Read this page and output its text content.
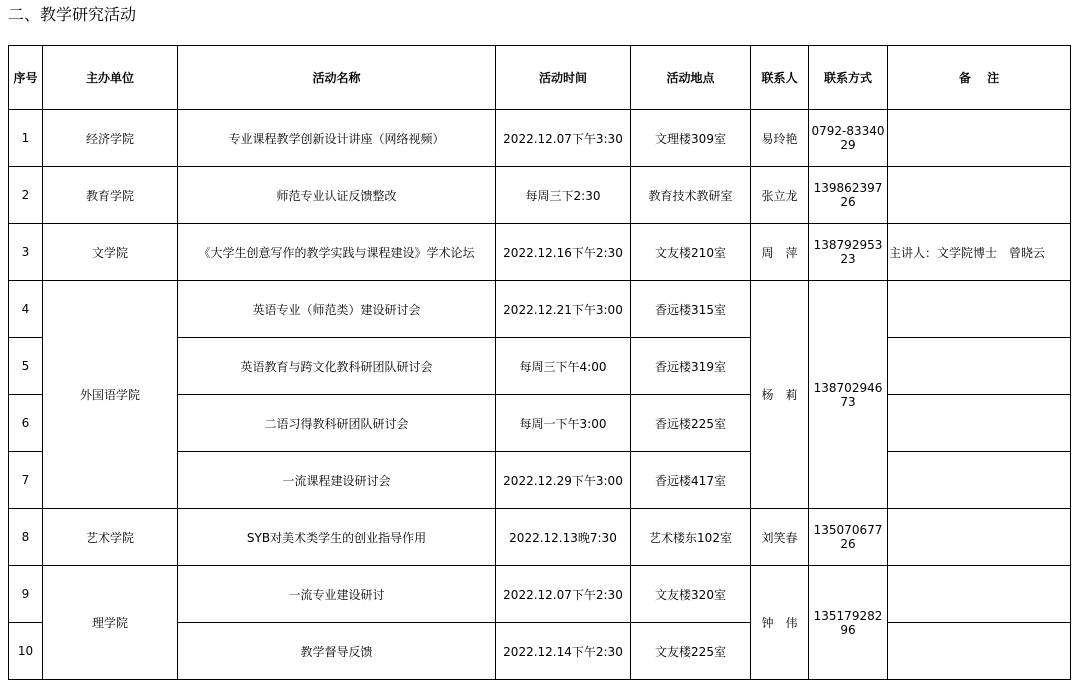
二、教学研究活动
序号	主办单位	活动名称	活动时间	活动地点	联系人	联系方式	备　 注
1	经济学院	专业课程教学创新设计讲座（网络视频）	2022.12.07下午3:30	文理楼309室	易玲艳	0792-8334029	
2	教育学院	师范专业认证反馈整改	每周三下2:30	教育技术教研室	张立龙	13986239726	
3	文学院	《大学生创意写作的教学实践与课程建设》学术论坛	2022.12.16下午2:30	文友楼210室	周　萍	13879295323	主讲人：文学院博士　曾晓云
4	外国语学院	英语专业（师范类）建设研讨会	2022.12.21下午3:00	香远楼315室	杨　莉	13870294673	
5		英语教育与跨文化教科研团队研讨会	每周三下午4:00	香远楼319室			
6		二语习得教科研团队研讨会	每周一下午3:00	香远楼225室			
7		一流课程建设研讨会	2022.12.29下午3:00	香远楼417室			
8	艺术学院	SYB对美术类学生的创业指导作用	2022.12.13晚7:30	艺术楼东102室	刘笑春	13507067726	
9	理学院	一流专业建设研讨	2022.12.07下午2:30	文友楼320室	钟　伟	13517928296	
10		教学督导反馈	2022.12.14下午2:30	文友楼225室			
